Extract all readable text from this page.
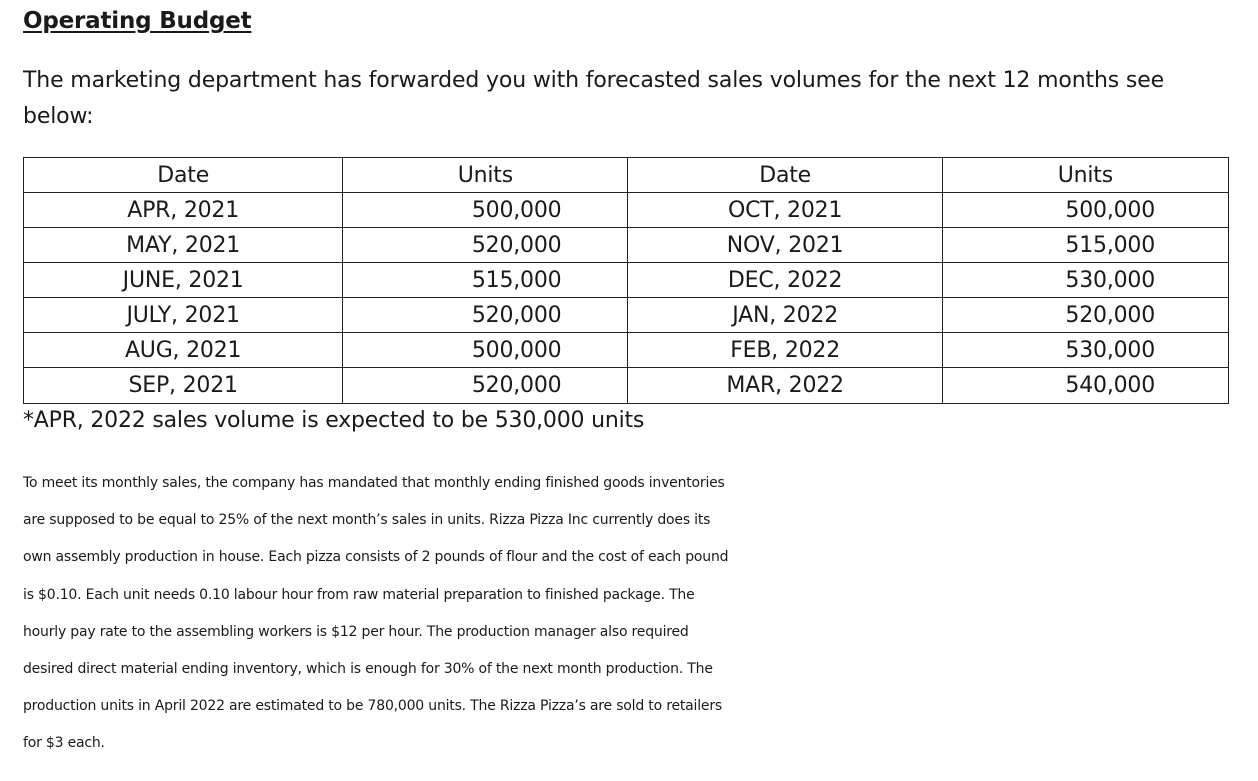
Operating Budget
The marketing department has forwarded you with forecasted sales volumes for the next 12 months see
below:
Date	Units	Date	Units
APR, 2021	500,000	OCT, 2021	500,000
MAY, 2021	520,000	NOV, 2021	515,000
JUNE, 2021	515,000	DEC, 2022	530,000
JULY, 2021	520,000	JAN, 2022	520,000
AUG, 2021	500,000	FEB, 2022	530,000
SEP, 2021	520,000	MAR, 2022	540,000
*APR, 2022 sales volume is expected to be 530,000 units
To meet its monthly sales, the company has mandated that monthly ending finished goods inventories
are supposed to be equal to 25% of the next month’s sales in units. Rizza Pizza Inc currently does its
own assembly production in house. Each pizza consists of 2 pounds of flour and the cost of each pound
is $0.10. Each unit needs 0.10 labour hour from raw material preparation to finished package. The
hourly pay rate to the assembling workers is $12 per hour. The production manager also required
desired direct material ending inventory, which is enough for 30% of the next month production. The
production units in April 2022 are estimated to be 780,000 units. The Rizza Pizza’s are sold to retailers
for $3 each.
